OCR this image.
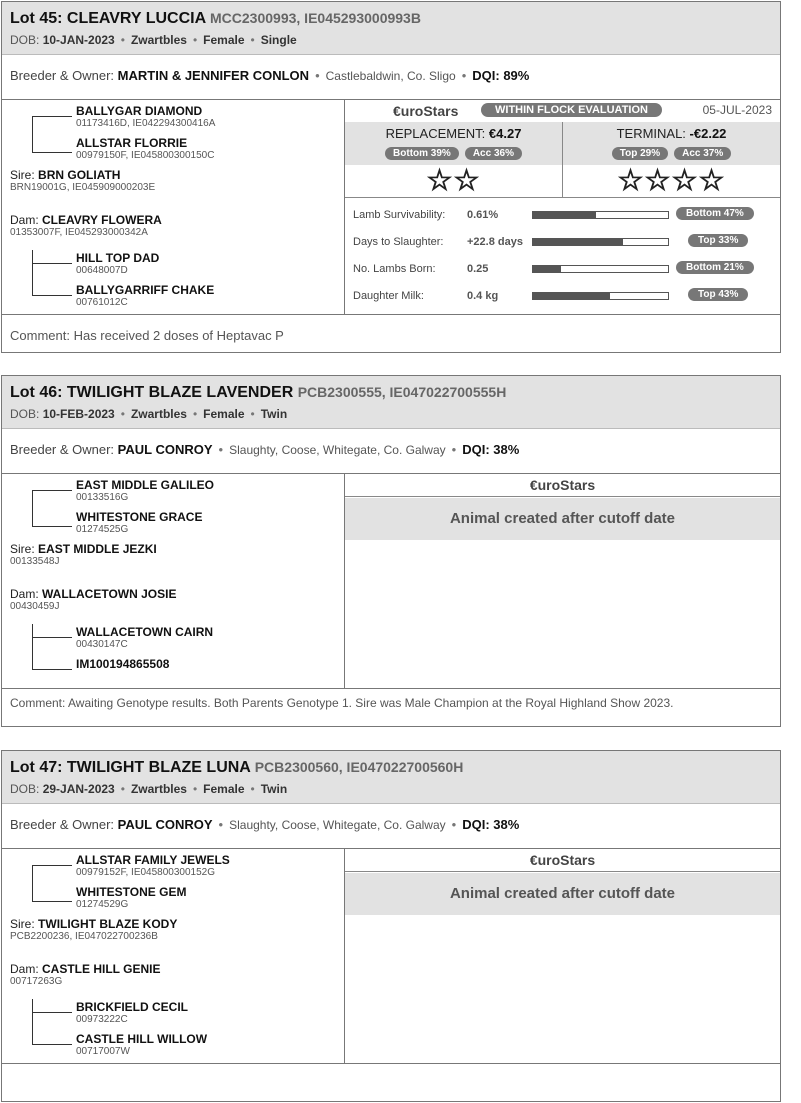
Lot 45: CLEAVRY LUCCIA MCC2300993, IE045293000993B
DOB: 10-JAN-2023 • Zwartbles • Female • Single
Breeder & Owner: MARTIN & JENNIFER CONLON • Castlebaldwin, Co. Sligo • DQI: 89%
BALLYGAR DIAMOND
01173416D, IE042294300416A
ALLSTAR FLORRIE
00979150F, IE045800300150C
Sire: BRN GOLIATH
BRN19001G, IE045909000203E
Dam: CLEAVRY FLOWERA
01353007F, IE045293000342A
HILL TOP DAD
00648007D
BALLYGARRIFF CHAKE
00761012C
€uroStars	WITHIN FLOCK EVALUATION	05-JUL-2023
REPLACEMENT: €4.27
Bottom 39% Acc 36%
☆☆
TERMINAL: -€2.22
Top 29% Acc 37%
☆☆☆☆
Lamb Survivability: 0.61%	Bottom 47%
Days to Slaughter: +22.8 days	Top 33%
No. Lambs Born:	0.25	Bottom 21%
Daughter Milk:	0.4 kg	Top 43%
Comment: Has received 2 doses of Heptavac P
Lot 46: TWILIGHT BLAZE LAVENDER PCB2300555, IE047022700555H
DOB: 10-FEB-2023 • Zwartbles • Female • Twin
Breeder & Owner: PAUL CONROY • Slaughty, Coose, Whitegate, Co. Galway • DQI: 38%
EAST MIDDLE GALILEO
00133516G
WHITESTONE GRACE
01274525G
Sire: EAST MIDDLE JEZKI
00133548J
Dam: WALLACETOWN JOSIE
00430459J
WALLACETOWN CAIRN
00430147C
IM100194865508
€uroStars
Animal created after cutoff date
Comment: Awaiting Genotype results. Both Parents Genotype 1. Sire was Male Champion at the Royal Highland Show 2023.
Lot 47: TWILIGHT BLAZE LUNA PCB2300560, IE047022700560H
DOB: 29-JAN-2023 • Zwartbles • Female • Twin
Breeder & Owner: PAUL CONROY • Slaughty, Coose, Whitegate, Co. Galway • DQI: 38%
ALLSTAR FAMILY JEWELS
00979152F, IE045800300152G
WHITESTONE GEM
01274529G
Sire: TWILIGHT BLAZE KODY
PCB2200236, IE047022700236B
Dam: CASTLE HILL GENIE
00717263G
BRICKFIELD CECIL
00973222C
CASTLE HILL WILLOW
00717007W
€uroStars
Animal created after cutoff date
